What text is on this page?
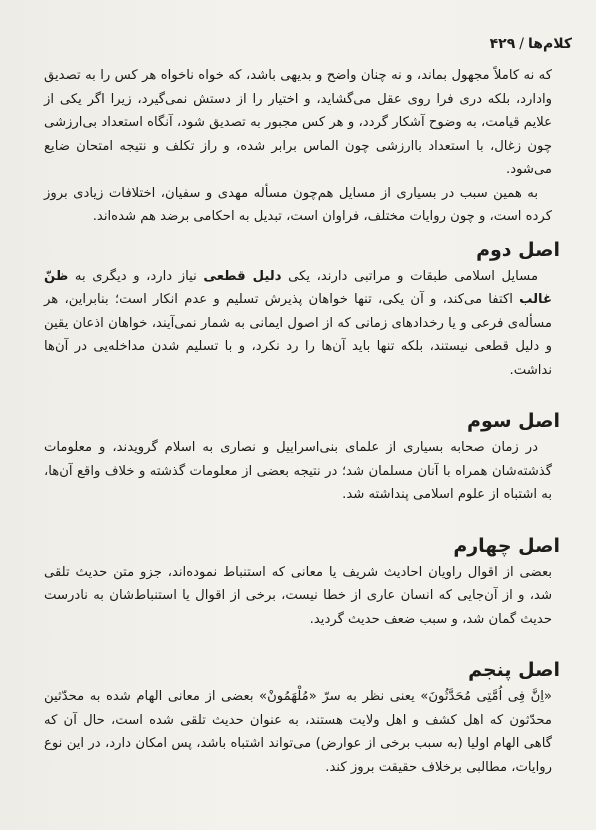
کلام‌ها/۴۲۹

که نه کاملاً مجهول بماند، و نه چنان واضح و بدیهی باشد، که خواه ناخواه هر کس را به تصدیق وادارد، بلکه دری فرا روی عقل می‌گشاید، و اختیار را از دستش نمی‌گیرد، زیرا اگر یکی از علایم قیامت، به وضوح آشکار گردد، و هر کس مجبور به تصدیق شود، آنگاه استعداد بی‌ارزشی چون زغال، با استعداد باارزشی چون الماس برابر شده، و راز تکلف و نتیجه امتحان ضایع می‌شود.

به همین سبب در بسیاری از مسایل هم‌چون مسأله مهدی و سفیان، اختلافات زیادی بروز کرده است، و چون روایات مختلف، فراوان است، تبدیل به احکامی برضد هم شده‌اند.

اصل دوم

مسایل اسلامی طبقات و مراتبی دارند، یکی دلیل قطعی نیاز دارد، و دیگری به ظنّ غالب اکتفا می‌کند، و آن یکی، تنها خواهان پذیرش تسلیم و عدم انکار است؛ بنابراین، هر مسأله‌ی فرعی و یا رخدادهای زمانی که از اصول ایمانی به شمار نمی‌آیند، خواهان اذعان یقین و دلیل قطعی نیستند، بلکه تنها باید آن‌ها را رد نکرد، و با تسلیم شدن مداخله‌یی در آن‌ها نداشت.

اصل سوم

در زمان صحابه بسیاری از علمای بنی‌اسراییل و نصاری به اسلام گرویدند، و معلومات گذشته‌شان همراه با آنان مسلمان شد؛ در نتیجه بعضی از معلومات گذشته و خلاف واقع آن‌ها، به اشتباه از علوم اسلامی پنداشته شد.

اصل چهارم

بعضی از اقوال راویان احادیث شریف یا معانی که استنباط نموده‌اند، جزو متن حدیث تلقی شد، و از آن‌جایی که انسان عاری از خطا نیست، برخی از اقوال یا استنباط‌شان به نادرست حدیث گمان شد، و سبب ضعف حدیث گردید.

اصل پنجم

«اِنَّ فِی اُمَّتِی مُحَدَّثُونَ» یعنی نظر به سرّ «مُلْهَمُونْ» بعضی از معانی الهام شده به محدّثین محدّثون که اهل کشف و اهل ولایت هستند، به عنوان حدیث تلقی شده است، حال آن که گاهی الهام اولیا (به سبب برخی از عوارض) می‌تواند اشتباه باشد، پس امکان دارد، در این نوع روایات، مطالبی برخلاف حقیقت بروز کند.
